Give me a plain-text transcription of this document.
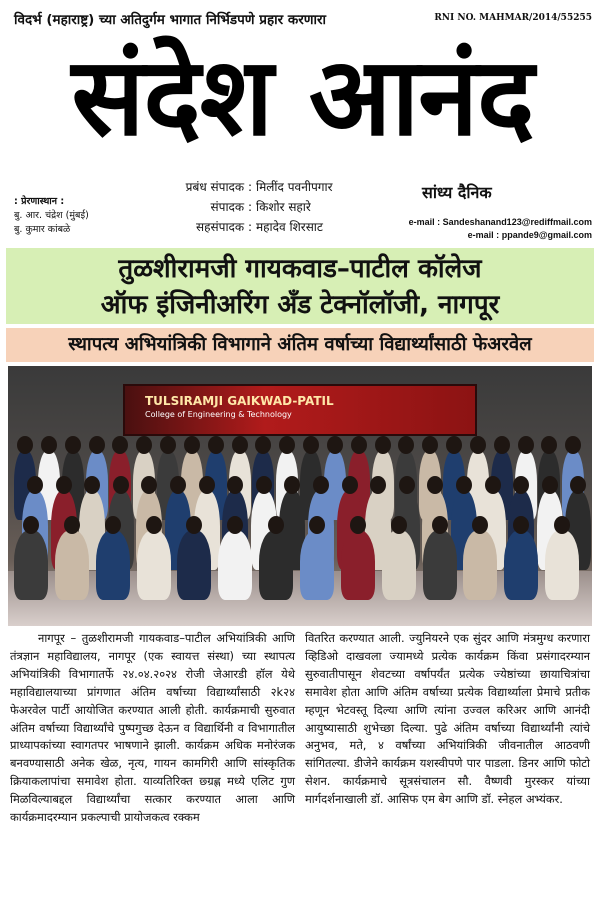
विदर्भ (महाराष्ट्र) च्या अतिदुर्गम भागात निर्भिडपणे प्रहार करणारा	RNI NO. MAHMAR/2014/55255
संदेश आनंद
प्रबंध संपादक : मिलींद पवनीपगार
संपादक : किशोर सहारे
सहसंपादक : महादेव शिरसाट
: प्रेरणास्थान :
बु. आर. चंद्रेश (मुंबई)
बु. कुमार कांबळे
सांध्य दैनिक
e-mail : Sandeshanand123@rediffmail.com
e-mail : ppande9@gmail.com
तुळशीरामजी गायकवाड–पाटील कॉलेज
ऑफ इंजिनीअरिंग अँड टेक्नॉलॉजी, नागपूर
स्थापत्य अभियांत्रिकी विभागाने अंतिम वर्षाच्या विद्यार्थ्यांसाठी फेअरवेल
TULSIRAMJI GAIKWAD-PATIL
College of Engineering & Technology
नागपूर – तुळशीरामजी गायकवाड–पाटील अभियांत्रिकी आणि तंत्रज्ञान महाविद्यालय, नागपूर (एक स्वायत्त संस्था) च्या स्थापत्य अभियांत्रिकी विभागातर्फे २४.०४.२०२४ रोजी जेआरडी हॉल येथे महाविद्यालयाच्या प्रांगणात अंतिम वर्षाच्या विद्यार्थ्यांसाठी २k२४ फेअरवेल पार्टी आयोजित करण्यात आली होती. कार्यक्रमाची सुरुवात अंतिम वर्षाच्या विद्यार्थ्यांचे पुष्पगुच्छ देऊन व विद्यार्थिनी व विभागातील प्राध्यापकांच्या स्वागतपर भाषणाने झाली. कार्यक्रम अधिक मनोरंजक बनवण्यासाठी अनेक खेळ, नृत्य, गायन कामगिरी आणि सांस्कृतिक क्रियाकलापांचा समावेश होता. याव्यतिरिक्त छ्ग्रह्ण मध्ये एलिट गुण मिळविल्याबद्दल विद्यार्थ्यांचा सत्कार करण्यात आला आणि कार्यक्रमादरम्यान प्रकल्पाची प्रायोजकत्व रक्कम
वितरित करण्यात आली. ज्युनियरने एक सुंदर आणि मंत्रमुग्ध करणारा व्हिडिओ दाखवला ज्यामध्ये प्रत्येक कार्यक्रम किंवा प्रसंगादरम्यान सुरुवातीपासून शेवटच्या वर्षापर्यंत प्रत्येक ज्येष्ठांच्या छायाचित्रांचा समावेश होता आणि अंतिम वर्षाच्या प्रत्येक विद्यार्थ्याला प्रेमाचे प्रतीक म्हणून भेटवस्तू दिल्या आणि त्यांना उज्वल करिअर आणि आनंदी आयुष्यासाठी शुभेच्छा दिल्या. पुढे अंतिम वर्षाच्या विद्यार्थ्यांनी त्यांचे अनुभव, मते, ४ वर्षांच्या अभियांत्रिकी जीवनातील आठवणी सांगितल्या. डीजेने कार्यक्रम यशस्वीपणे पार पाडला. डिनर आणि फोटो सेशन. कार्यक्रमाचे सूत्रसंचालन सौ. वैष्णवी मुरस्कर यांच्या मार्गदर्शनाखाली डॉ. आसिफ एम बेग आणि डॉ. स्नेहल अभ्यंकर.
